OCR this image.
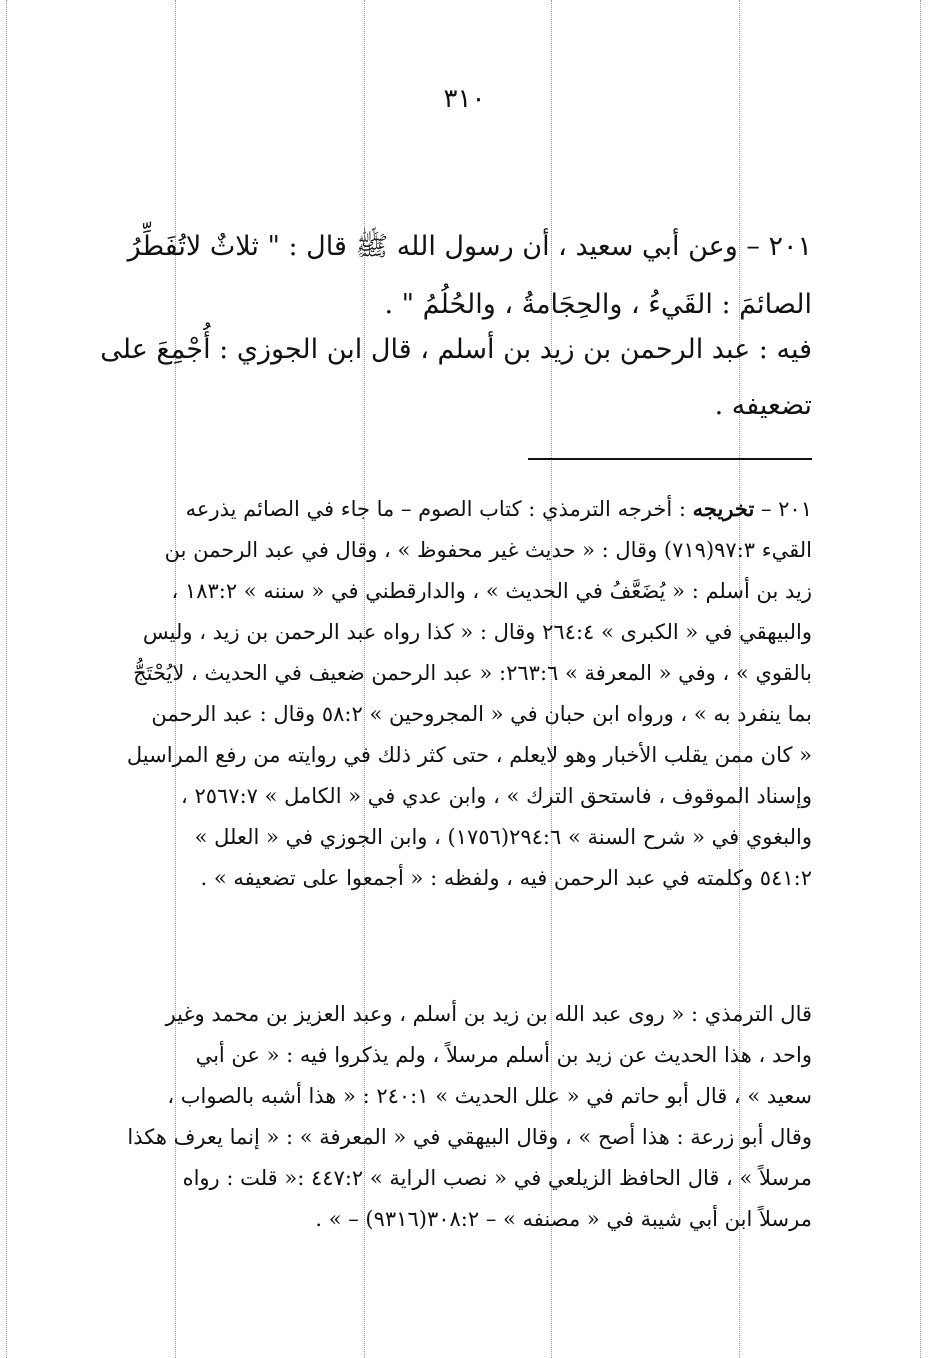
٣١٠
٢٠١ – وعن أبي سعيد ، أن رسول الله ﷺ قال : " ثلاثٌ لاتُفَطِّرُ
الصائمَ : القَيءُ ، والحِجَامةُ ، والحُلُمُ " .
فيه : عبد الرحمن بن زيد بن أسلم ، قال ابن الجوزي : أُجْمِعَ على
تضعيفه .
٢٠١ – تخريجه : أخرجه الترمذي : كتاب الصوم – ما جاء في الصائم يذرعه
القيء ٩٧:٣(٧١٩) وقال : « حديث غير محفوظ » ، وقال في عبد الرحمن بن
زيد بن أسلم : « يُضَعَّفُ في الحديث » ، والدارقطني في « سننه » ١٨٣:٢ ،
والبيهقي في « الكبرى » ٢٦٤:٤ وقال : « كذا رواه عبد الرحمن بن زيد ، وليس
بالقوي » ، وفي « المعرفة » ٢٦٣:٦: « عبد الرحمن ضعيف في الحديث ، لايُحْتَجُّ
بما ينفرد به » ، ورواه ابن حبان في « المجروحين » ٥٨:٢ وقال : عبد الرحمن
« كان ممن يقلب الأخبار وهو لايعلم ، حتى كثر ذلك في روايته من رفع المراسيل
وإسناد الموقوف ، فاستحق الترك » ، وابن عدي في « الكامل » ٢٥٦٧:٧ ،
والبغوي في « شرح السنة » ٢٩٤:٦(١٧٥٦) ، وابن الجوزي في « العلل »
٥٤١:٢ وكلمته في عبد الرحمن فيه ، ولفظه : « أجمعوا على تضعيفه » .
قال الترمذي : « روى عبد الله بن زيد بن أسلم ، وعبد العزيز بن محمد وغير
واحد ، هذا الحديث عن زيد بن أسلم مرسلاً ، ولم يذكروا فيه : « عن أبي
سعيد » ، قال أبو حاتم في « علل الحديث » ٢٤٠:١ : « هذا أشبه بالصواب ،
وقال أبو زرعة : هذا أصح » ، وقال البيهقي في « المعرفة » : « إنما يعرف هكذا
مرسلاً » ، قال الحافظ الزيلعي في « نصب الراية » ٤٤٧:٢ :« قلت : رواه
مرسلاً ابن أبي شيبة في « مصنفه » – ٣٠٨:٢(٩٣١٦) – » .
